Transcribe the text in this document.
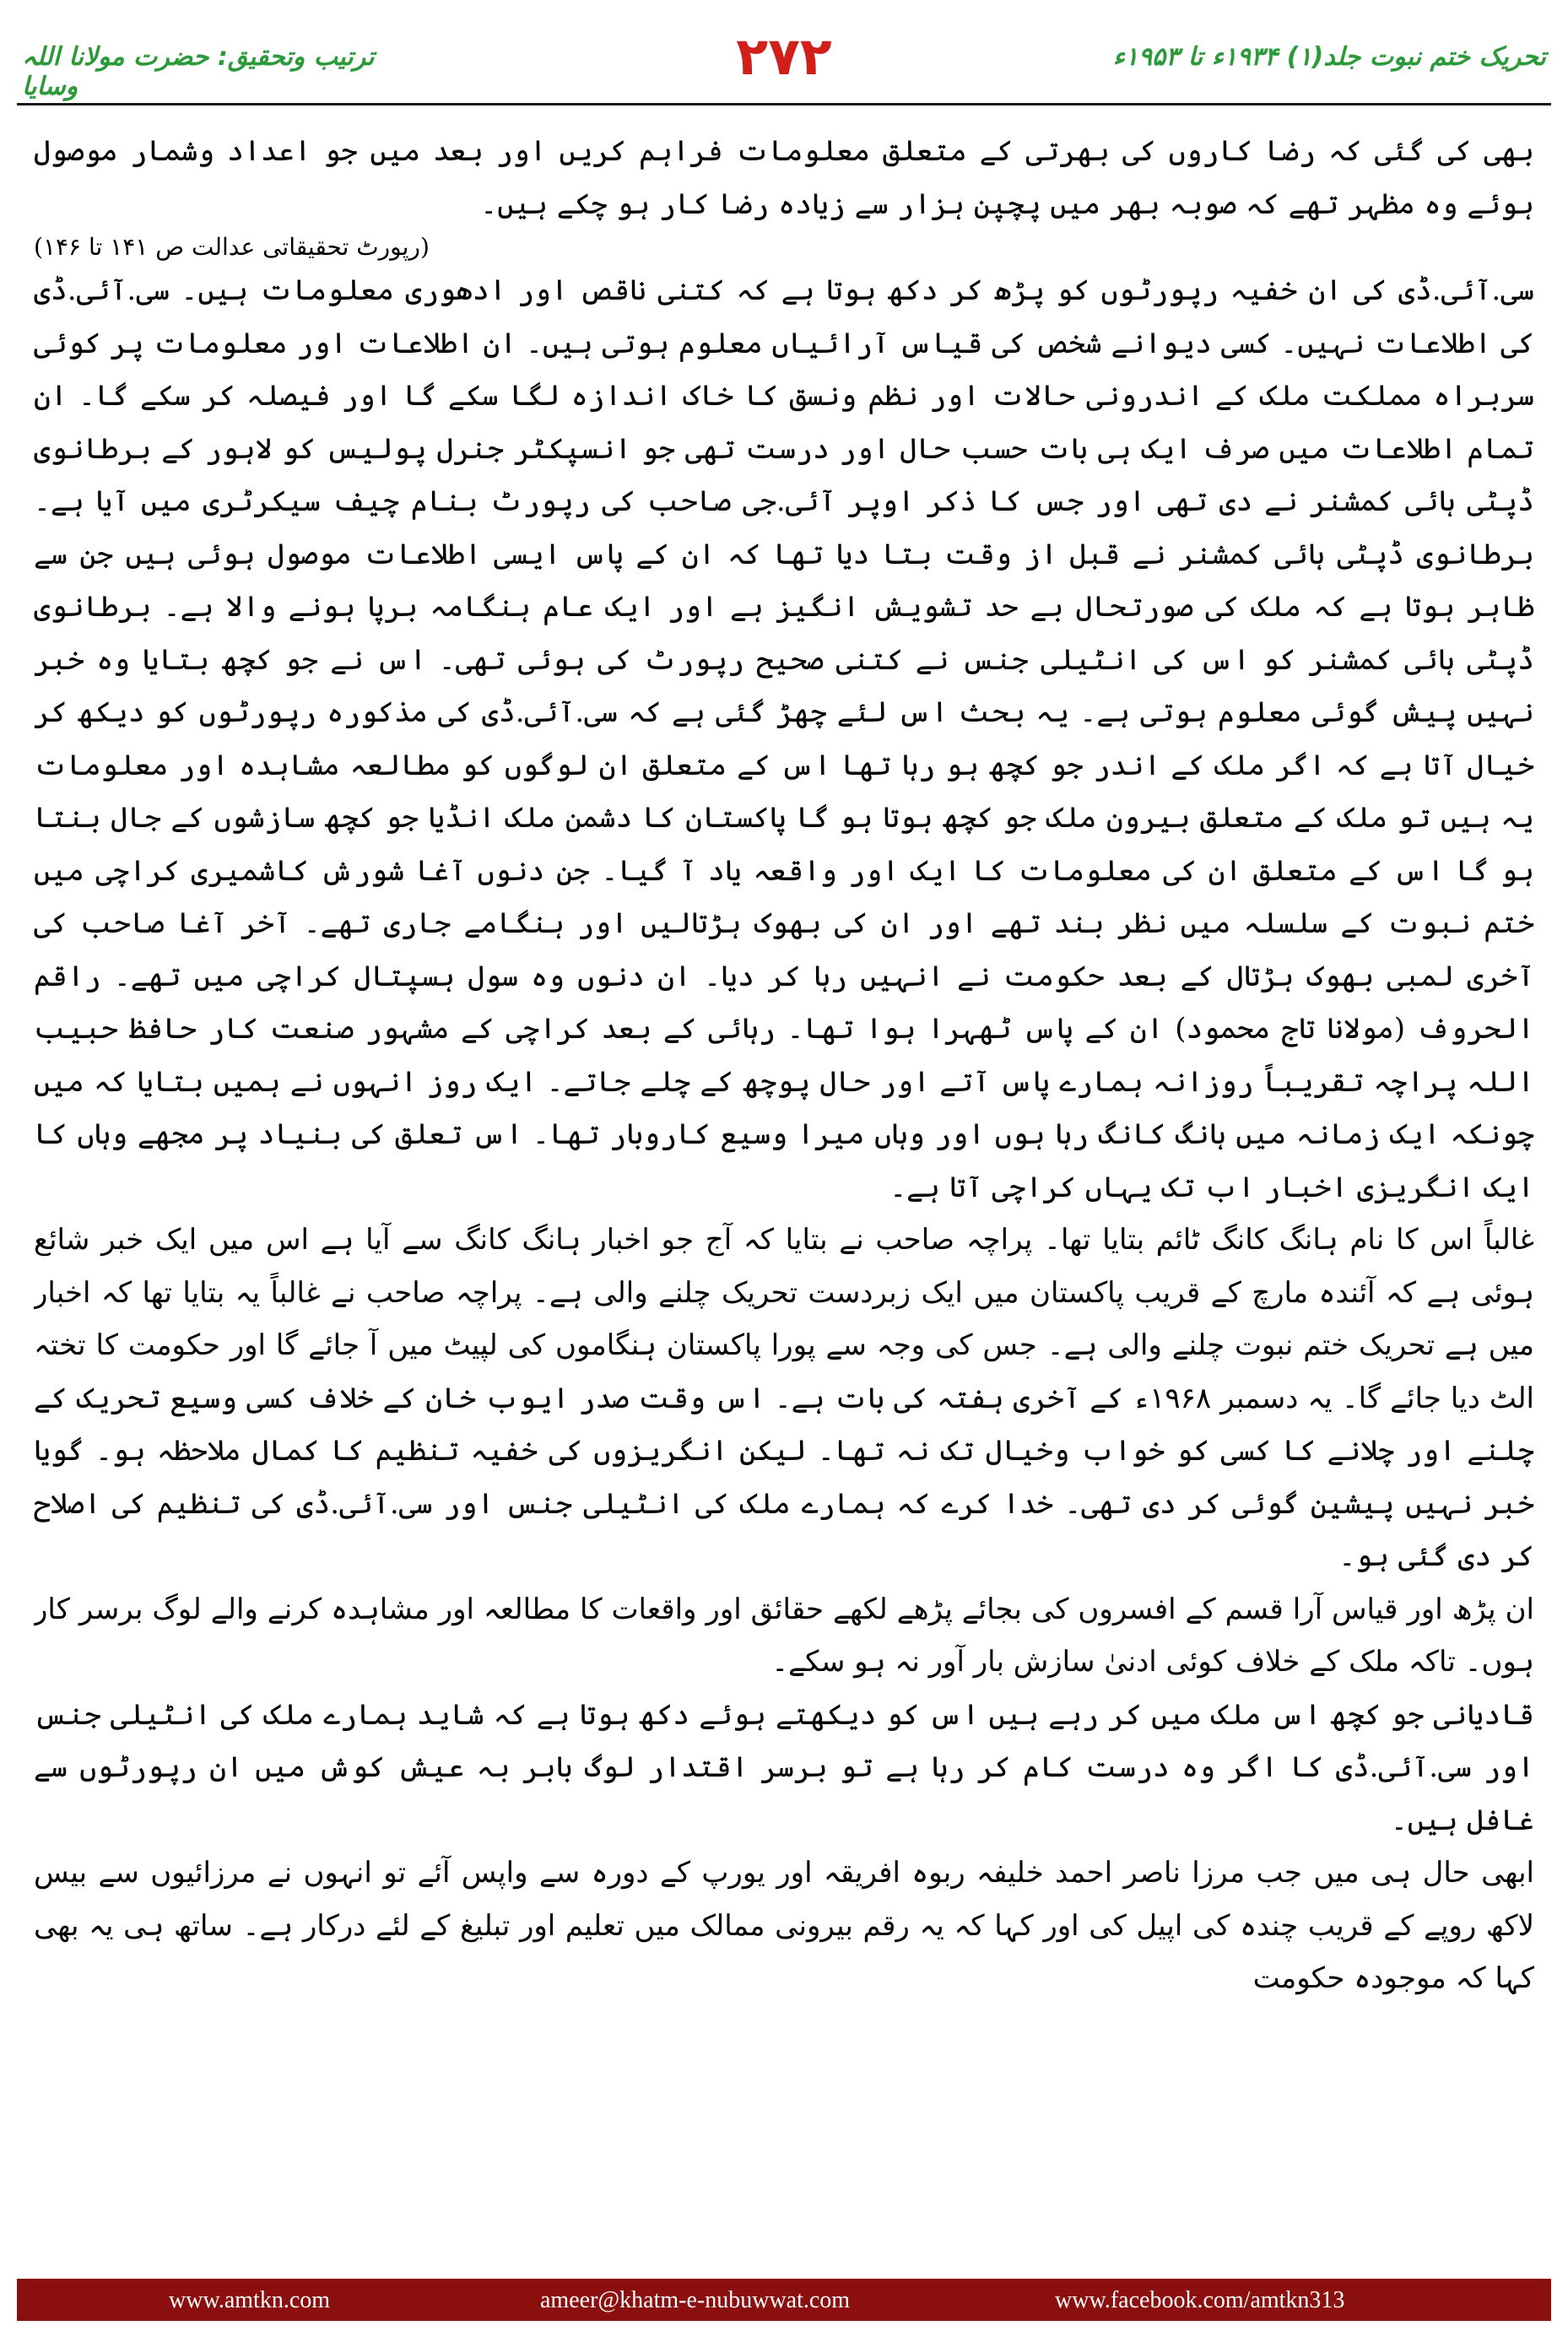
ترتیب وتحقیق: حضرت مولانا اللہ وسایا	۲۷۲	تحریک ختم نبوت جلد(۱) ۱۹۳۴ء تا ۱۹۵۳ء

بھی کی گئی کہ رضا کاروں کی بھرتی کے متعلق معلومات فراہم کریں اور بعد میں جو اعداد وشمار موصول ہوئے وہ مظہر تھے کہ صوبہ بھر میں پچپن ہزار سے زیادہ رضا کار ہو چکے ہیں۔

(رپورٹ تحقیقاتی عدالت ص ۱۴۱ تا ۱۴۶)

سی.آئی.ڈی کی ان خفیہ رپورٹوں کو پڑھ کر دکھ ہوتا ہے کہ کتنی ناقص اور ادھوری معلومات ہیں۔ سی.آئی.ڈی کی اطلاعات نہیں۔ کسی دیوانے شخص کی قیاس آرائیاں معلوم ہوتی ہیں۔ ان اطلاعات اور معلومات پر کوئی سربراہ مملکت ملک کے اندرونی حالات اور نظم ونسق کا خاک اندازہ لگا سکے گا اور فیصلہ کر سکے گا۔ ان تمام اطلاعات میں صرف ایک ہی بات حسب حال اور درست تھی جو انسپکٹر جنرل پولیس کو لاہور کے برطانوی ڈپٹی ہائی کمشنر نے دی تھی اور جس کا ذکر اوپر آئی.جی صاحب کی رپورٹ بنام چیف سیکرٹری میں آیا ہے۔ برطانوی ڈپٹی ہائی کمشنر نے قبل از وقت بتا دیا تھا کہ ان کے پاس ایسی اطلاعات موصول ہوئی ہیں جن سے ظاہر ہوتا ہے کہ ملک کی صورتحال بے حد تشویش انگیز ہے اور ایک عام ہنگامہ برپا ہونے والا ہے۔ برطانوی ڈپٹی ہائی کمشنر کو اس کی انٹیلی جنس نے کتنی صحیح رپورٹ کی ہوئی تھی۔ اس نے جو کچھ بتایا وہ خبر نہیں پیش گوئی معلوم ہوتی ہے۔ یہ بحث اس لئے چھڑ گئی ہے کہ سی.آئی.ڈی کی مذکورہ رپورٹوں کو دیکھ کر خیال آتا ہے کہ اگر ملک کے اندر جو کچھ ہو رہا تھا اس کے متعلق ان لوگوں کو مطالعہ مشاہدہ اور معلومات یہ ہیں تو ملک کے متعلق بیرون ملک جو کچھ ہوتا ہو گا پاکستان کا دشمن ملک انڈیا جو کچھ سازشوں کے جال بنتا ہو گا اس کے متعلق ان کی معلومات کا ایک اور واقعہ یاد آ گیا۔ جن دنوں آغا شورش کاشمیری کراچی میں ختم نبوت کے سلسلہ میں نظر بند تھے اور ان کی بھوک ہڑتالیں اور ہنگامے جاری تھے۔ آخر آغا صاحب کی آخری لمبی بھوک ہڑتال کے بعد حکومت نے انہیں رہا کر دیا۔ ان دنوں وہ سول ہسپتال کراچی میں تھے۔ راقم الحروف (مولانا تاج محمود) ان کے پاس ٹھہرا ہوا تھا۔ رہائی کے بعد کراچی کے مشہور صنعت کار حافظ حبیب اللہ پراچہ تقریباً روزانہ ہمارے پاس آتے اور حال پوچھ کے چلے جاتے۔ ایک روز انہوں نے ہمیں بتایا کہ میں چونکہ ایک زمانہ میں ہانگ کانگ رہا ہوں اور وہاں میرا وسیع کاروبار تھا۔ اس تعلق کی بنیاد پر مجھے وہاں کا ایک انگریزی اخبار اب تک یہاں کراچی آتا ہے۔

غالباً اس کا نام ہانگ کانگ ٹائم بتایا تھا۔ پراچہ صاحب نے بتایا کہ آج جو اخبار ہانگ کانگ سے آیا ہے اس میں ایک خبر شائع ہوئی ہے کہ آئندہ مارچ کے قریب پاکستان میں ایک زبردست تحریک چلنے والی ہے۔ پراچہ صاحب نے غالباً یہ بتایا تھا کہ اخبار میں ہے تحریک ختم نبوت چلنے والی ہے۔ جس کی وجہ سے پورا پاکستان ہنگاموں کی لپیٹ میں آ جائے گا اور حکومت کا تختہ الٹ دیا جائے گا۔ یہ دسمبر ۱۹۶۸ء کے آخری ہفتہ کی بات ہے۔ اس وقت صدر ایوب خان کے خلاف کسی وسیع تحریک کے چلنے اور چلانے کا کسی کو خواب وخیال تک نہ تھا۔ لیکن انگریزوں کی خفیہ تنظیم کا کمال ملاحظہ ہو۔ گویا خبر نہیں پیشین گوئی کر دی تھی۔ خدا کرے کہ ہمارے ملک کی انٹیلی جنس اور سی.آئی.ڈی کی تنظیم کی اصلاح کر دی گئی ہو۔

ان پڑھ اور قیاس آرا قسم کے افسروں کی بجائے پڑھے لکھے حقائق اور واقعات کا مطالعہ اور مشاہدہ کرنے والے لوگ برسر کار ہوں۔ تاکہ ملک کے خلاف کوئی ادنیٰ سازش بار آور نہ ہو سکے۔

قادیانی جو کچھ اس ملک میں کر رہے ہیں اس کو دیکھتے ہوئے دکھ ہوتا ہے کہ شاید ہمارے ملک کی انٹیلی جنس اور سی.آئی.ڈی کا اگر وہ درست کام کر رہا ہے تو برسر اقتدار لوگ بابر بہ عیش کوش میں ان رپورٹوں سے غافل ہیں۔

ابھی حال ہی میں جب مرزا ناصر احمد خلیفہ ربوہ افریقہ اور یورپ کے دورہ سے واپس آئے تو انہوں نے مرزائیوں سے بیس لاکھ روپے کے قریب چندہ کی اپیل کی اور کہا کہ یہ رقم بیرونی ممالک میں تعلیم اور تبلیغ کے لئے درکار ہے۔ ساتھ ہی یہ بھی کہا کہ موجودہ حکومت

www.amtkn.com	ameer@khatm-e-nubuwwat.com	www.facebook.com/amtkn313
